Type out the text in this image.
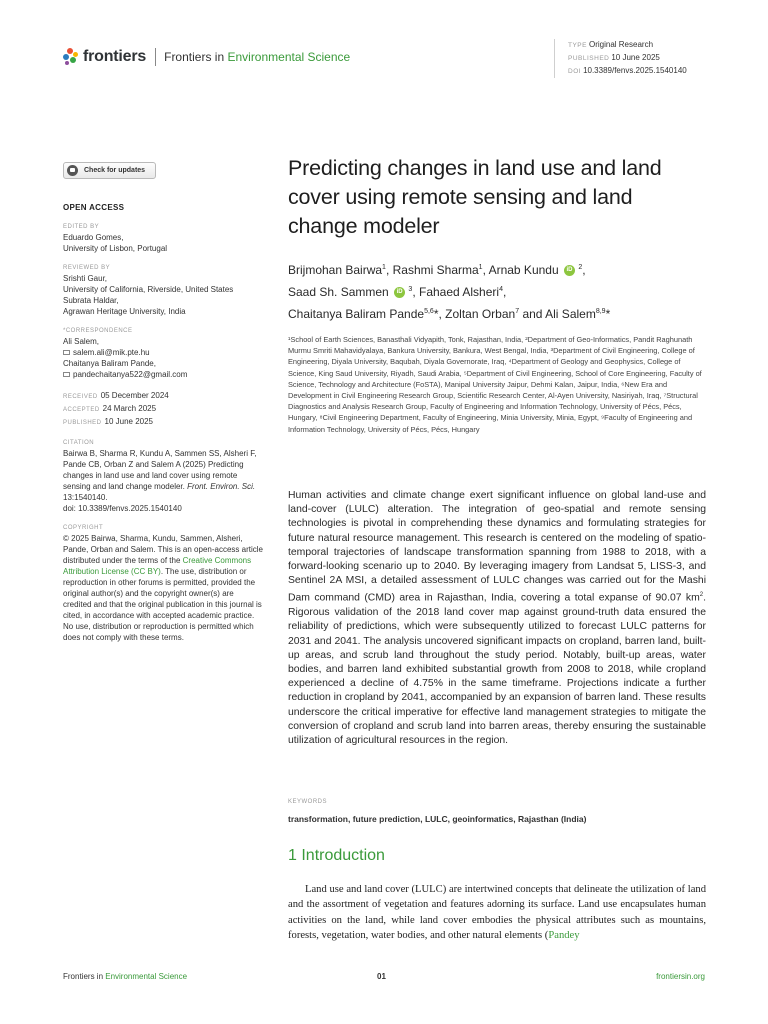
frontiers Frontiers in Environmental Science
TYPE Original Research
PUBLISHED 10 June 2025
DOI 10.3389/fenvs.2025.1540140
Check for updates
OPEN ACCESS
EDITED BY
Eduardo Gomes,
University of Lisbon, Portugal
REVIEWED BY
Srishti Gaur,
University of California, Riverside, United States
Subrata Haldar,
Agrawan Heritage University, India
*CORRESPONDENCE
Ali Salem,
salem.ali@mik.pte.hu
Chaitanya Baliram Pande,
pandechaitanya522@gmail.com
RECEIVED 05 December 2024
ACCEPTED 24 March 2025
PUBLISHED 10 June 2025
CITATION
Bairwa B, Sharma R, Kundu A, Sammen SS, Alsheri F, Pande CB, Orban Z and Salem A (2025) Predicting changes in land use and land cover using remote sensing and land change modeler. Front. Environ. Sci. 13:1540140.
doi: 10.3389/fenvs.2025.1540140
COPYRIGHT
© 2025 Bairwa, Sharma, Kundu, Sammen, Alsheri, Pande, Orban and Salem. This is an open-access article distributed under the terms of the Creative Commons Attribution License (CC BY). The use, distribution or reproduction in other forums is permitted, provided the original author(s) and the copyright owner(s) are credited and that the original publication in this journal is cited, in accordance with accepted academic practice. No use, distribution or reproduction is permitted which does not comply with these terms.
Predicting changes in land use and land cover using remote sensing and land change modeler
Brijmohan Bairwa$^1$, Rashmi Sharma$^1$, Arnab Kundu iD $^2$,
Saad Sh. Sammen iD $^3$, Fahaed Alsheri$^4$,
Chaitanya Baliram Pande$^{5,6}$*, Zoltan Orban$^7$ and Ali Salem$^{8,9}$*
¹School of Earth Sciences, Banasthali Vidyapith, Tonk, Rajasthan, India, ²Department of Geo-Informatics, Pandit Raghunath Murmu Smriti Mahavidyalaya, Bankura University, Bankura, West Bengal, India, ³Department of Civil Engineering, College of Engineering, Diyala University, Baqubah, Diyala Governorate, Iraq, ⁴Department of Geology and Geophysics, College of Science, King Saud University, Riyadh, Saudi Arabia, ⁵Department of Civil Engineering, School of Core Engineering, Faculty of Science, Technology and Architecture (FoSTA), Manipal University Jaipur, Dehmi Kalan, Jaipur, India, ⁶New Era and Development in Civil Engineering Research Group, Scientific Research Center, Al-Ayen University, Nasiriyah, Iraq, ⁷Structural Diagnostics and Analysis Research Group, Faculty of Engineering and Information Technology, University of Pécs, Pécs, Hungary, ⁸Civil Engineering Department, Faculty of Engineering, Minia University, Minia, Egypt, ⁹Faculty of Engineering and Information Technology, University of Pécs, Pécs, Hungary
Human activities and climate change exert significant influence on global land-use and land-cover (LULC) alteration. The integration of geo-spatial and remote sensing technologies is pivotal in comprehending these dynamics and formulating strategies for future natural resource management. This research is centered on the modeling of spatio-temporal trajectories of landscape transformation spanning from 1988 to 2018, with a forward-looking scenario up to 2040. By leveraging imagery from Landsat 5, LISS-3, and Sentinel 2A MSI, a detailed assessment of LULC changes was carried out for the Mashi Dam command (CMD) area in Rajasthan, India, covering a total expanse of 90.07 $km^2$. Rigorous validation of the 2018 land cover map against ground-truth data ensured the reliability of predictions, which were subsequently utilized to forecast LULC patterns for 2031 and 2041. The analysis uncovered significant impacts on cropland, barren land, built-up areas, and scrub land throughout the study period. Notably, built-up areas, water bodies, and barren land exhibited substantial growth from 2008 to 2018, while cropland experienced a decline of 4.75% in the same timeframe. Projections indicate a further reduction in cropland by 2041, accompanied by an expansion of barren land. These results underscore the critical imperative for effective land management strategies to mitigate the conversion of cropland and scrub land into barren areas, thereby ensuring the sustainable utilization of agricultural resources in the region.
KEYWORDS
transformation, future prediction, LULC, geoinformatics, Rajasthan (India)
1 Introduction
Land use and land cover (LULC) are intertwined concepts that delineate the utilization of land and the assortment of vegetation and features adorning its surface. Land use encapsulates human activities on the land, while land cover embodies the physical attributes such as mountains, forests, vegetation, water bodies, and other natural elements (Pandey
Frontiers in Environmental Science	01	frontiersin.org
